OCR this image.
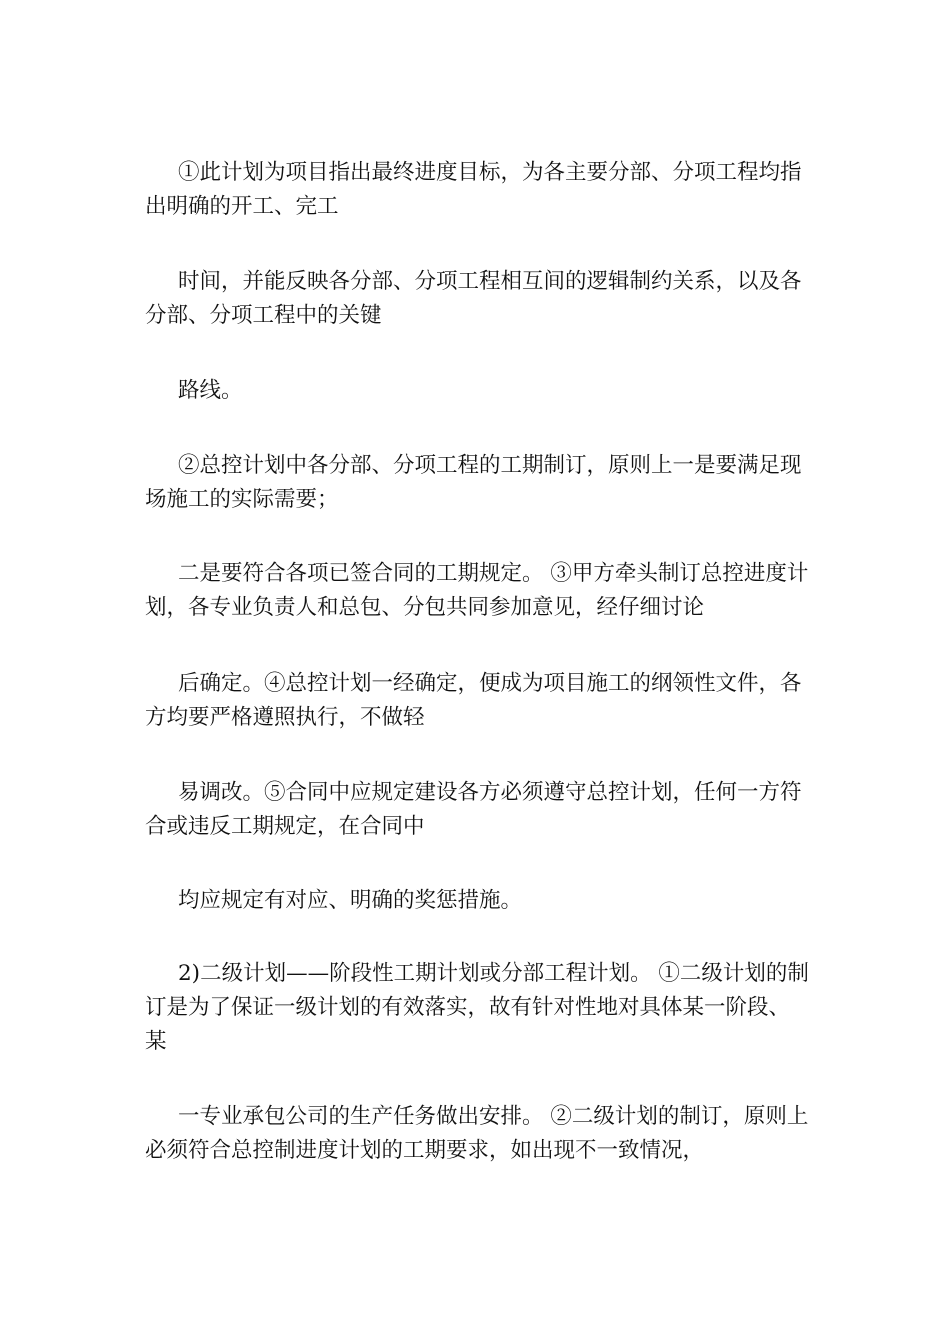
①此计划为项目指出最终进度目标，为各主要分部、分项工程均指出明确的开工、完工

时间，并能反映各分部、分项工程相互间的逻辑制约关系，以及各分部、分项工程中的关键

路线。

②总控计划中各分部、分项工程的工期制订，原则上一是要满足现场施工的实际需要；

二是要符合各项已签合同的工期规定。 ③甲方牵头制订总控进度计划，各专业负责人和总包、分包共同参加意见，经仔细讨论

后确定。④总控计划一经确定，便成为项目施工的纲领性文件，各方均要严格遵照执行，不做轻

易调改。⑤合同中应规定建设各方必须遵守总控计划，任何一方符合或违反工期规定，在合同中

均应规定有对应、明确的奖惩措施。

2)二级计划——阶段性工期计划或分部工程计划。 ①二级计划的制订是为了保证一级计划的有效落实，故有针对性地对具体某一阶段、某

一专业承包公司的生产任务做出安排。 ②二级计划的制订，原则上必须符合总控制进度计划的工期要求，如出现不一致情况，
